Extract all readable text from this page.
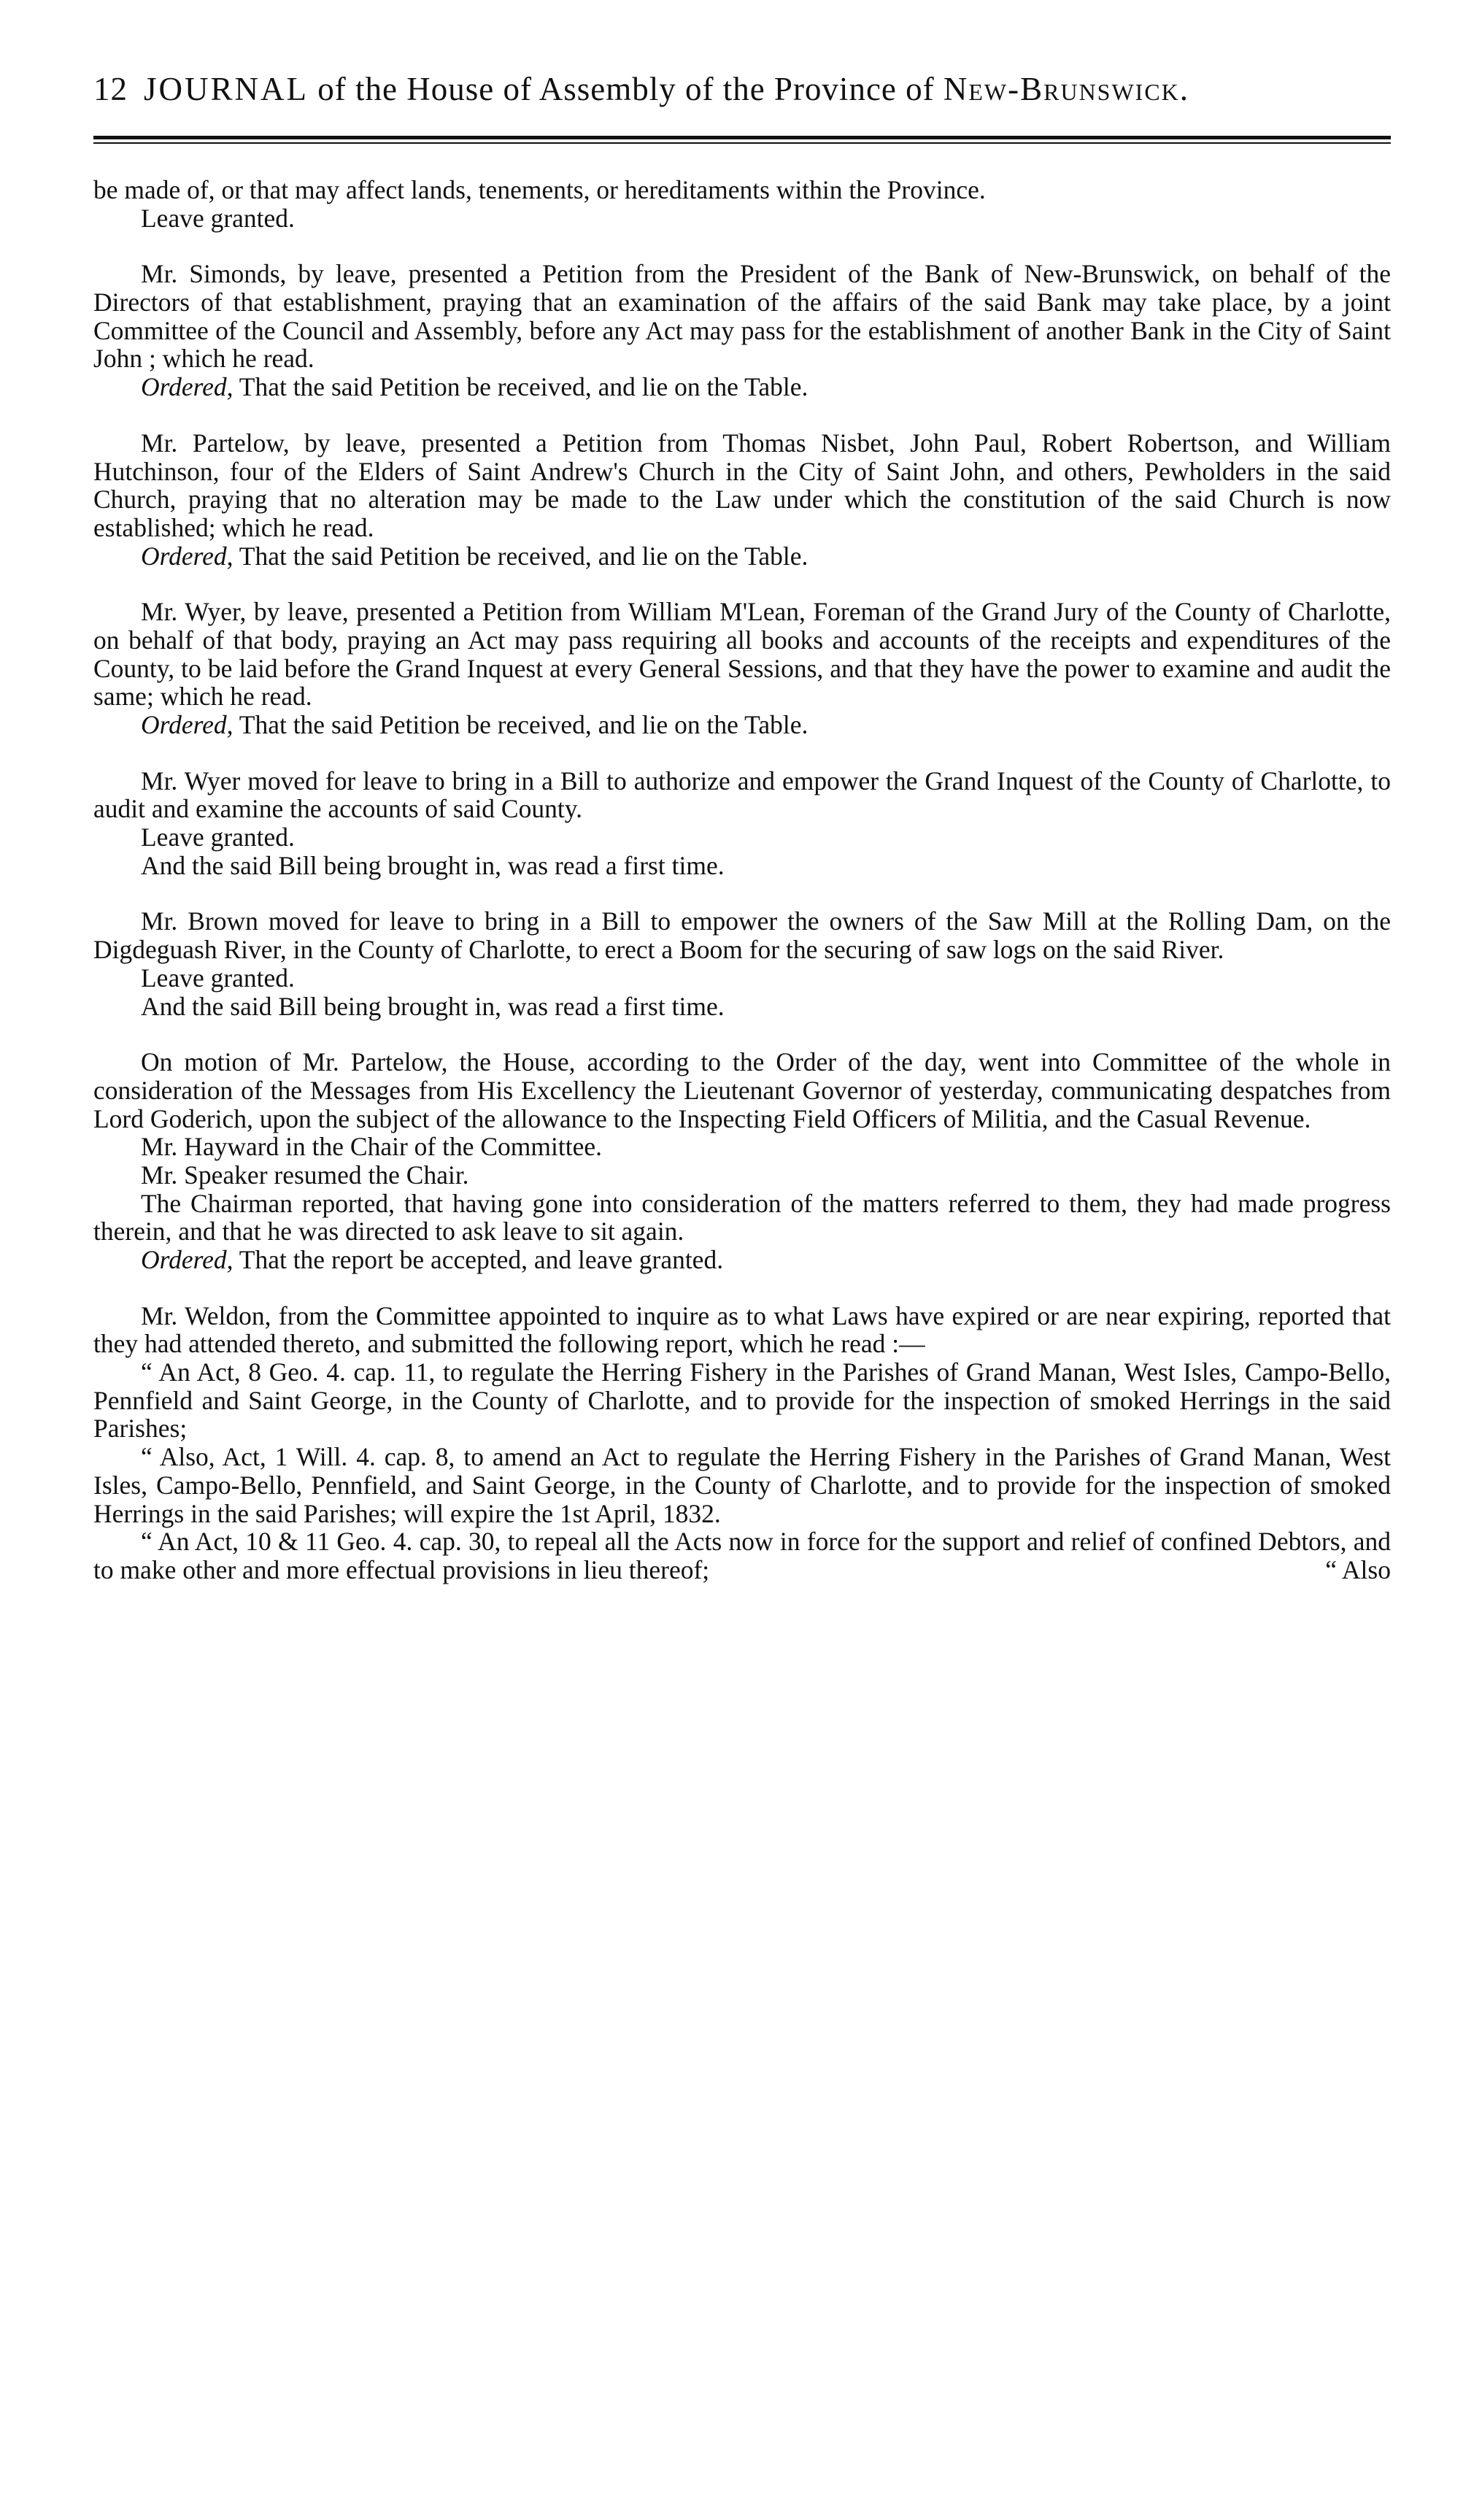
12 JOURNAL of the House of Assembly of the Province of New-Brunswick.

be made of, or that may affect lands, tenements, or hereditaments within the Province.

Leave granted.

Mr. Simonds, by leave, presented a Petition from the President of the Bank of New-Brunswick, on behalf of the Directors of that establishment, praying that an examination of the affairs of the said Bank may take place, by a joint Committee of the Council and Assembly, before any Act may pass for the establishment of another Bank in the City of Saint John ; which he read.

Ordered, That the said Petition be received, and lie on the Table.

Mr. Partelow, by leave, presented a Petition from Thomas Nisbet, John Paul, Robert Robertson, and William Hutchinson, four of the Elders of Saint Andrew's Church in the City of Saint John, and others, Pewholders in the said Church, praying that no alteration may be made to the Law under which the constitution of the said Church is now established; which he read.

Ordered, That the said Petition be received, and lie on the Table.

Mr. Wyer, by leave, presented a Petition from William M'Lean, Foreman of the Grand Jury of the County of Charlotte, on behalf of that body, praying an Act may pass requiring all books and accounts of the receipts and expenditures of the County, to be laid before the Grand Inquest at every General Sessions, and that they have the power to examine and audit the same; which he read.

Ordered, That the said Petition be received, and lie on the Table.

Mr. Wyer moved for leave to bring in a Bill to authorize and empower the Grand Inquest of the County of Charlotte, to audit and examine the accounts of said County.

Leave granted.

And the said Bill being brought in, was read a first time.

Mr. Brown moved for leave to bring in a Bill to empower the owners of the Saw Mill at the Rolling Dam, on the Digdeguash River, in the County of Charlotte, to erect a Boom for the securing of saw logs on the said River.

Leave granted.

And the said Bill being brought in, was read a first time.

On motion of Mr. Partelow, the House, according to the Order of the day, went into Committee of the whole in consideration of the Messages from His Excellency the Lieutenant Governor of yesterday, communicating despatches from Lord Goderich, upon the subject of the allowance to the Inspecting Field Officers of Militia, and the Casual Revenue.

Mr. Hayward in the Chair of the Committee.

Mr. Speaker resumed the Chair.

The Chairman reported, that having gone into consideration of the matters referred to them, they had made progress therein, and that he was directed to ask leave to sit again.

Ordered, That the report be accepted, and leave granted.

Mr. Weldon, from the Committee appointed to inquire as to what Laws have expired or are near expiring, reported that they had attended thereto, and submitted the following report, which he read :—

“ An Act, 8 Geo. 4. cap. 11, to regulate the Herring Fishery in the Parishes of Grand Manan, West Isles, Campo-Bello, Pennfield and Saint George, in the County of Charlotte, and to provide for the inspection of smoked Herrings in the said Parishes;

“ Also, Act, 1 Will. 4. cap. 8, to amend an Act to regulate the Herring Fishery in the Parishes of Grand Manan, West Isles, Campo-Bello, Pennfield, and Saint George, in the County of Charlotte, and to provide for the inspection of smoked Herrings in the said Parishes; will expire the 1st April, 1832.

“ An Act, 10 & 11 Geo. 4. cap. 30, to repeal all the Acts now in force for the support and relief of confined Debtors, and to make other and more effectual provisions in lieu thereof;	“ Also
